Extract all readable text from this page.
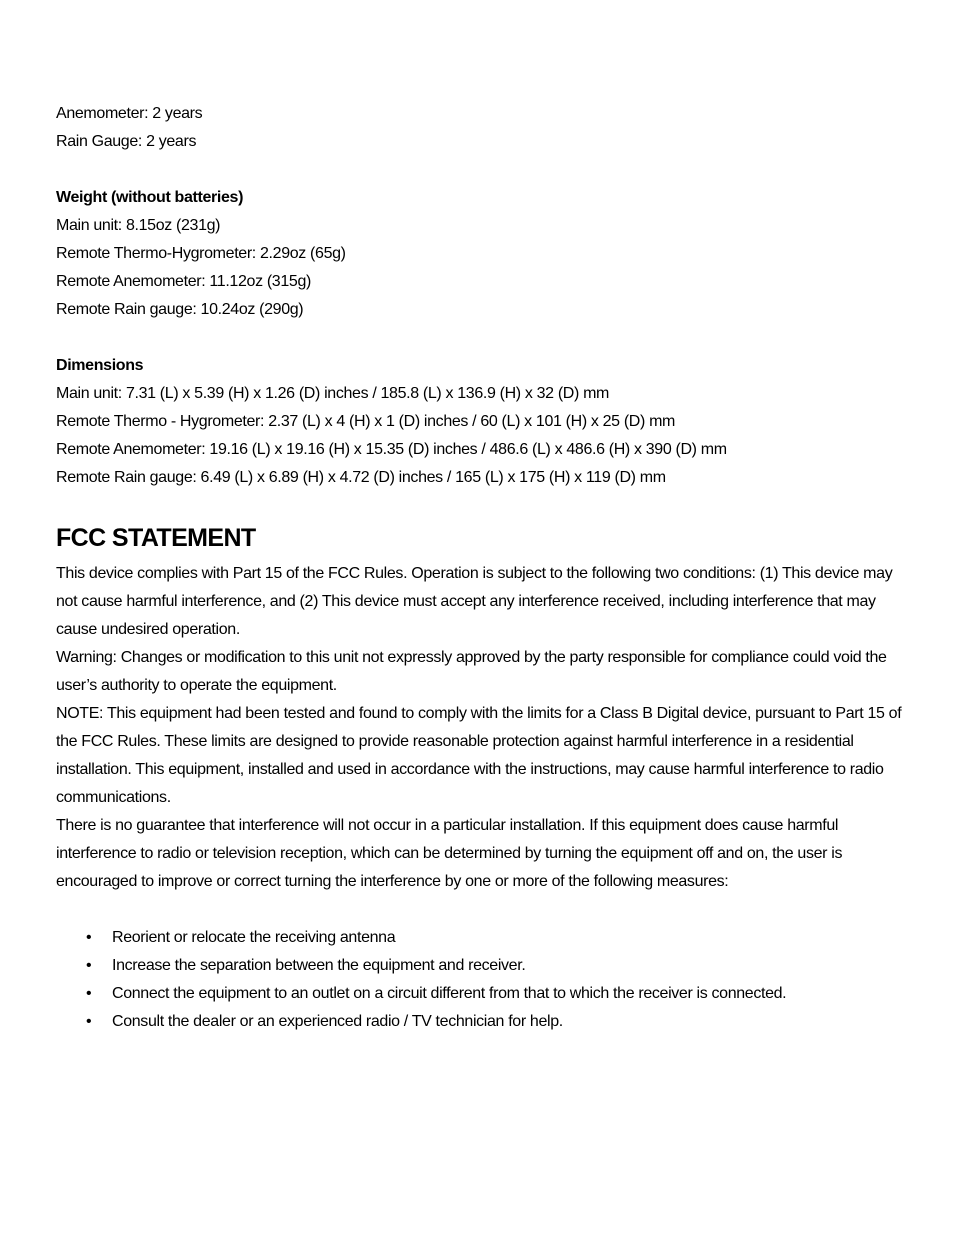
Anemometer: 2 years
Rain Gauge: 2 years
Weight (without batteries)
Main unit: 8.15oz (231g)
Remote Thermo-Hygrometer: 2.29oz (65g)
Remote Anemometer: 11.12oz (315g)
Remote Rain gauge: 10.24oz (290g)
Dimensions
Main unit: 7.31 (L) x 5.39 (H) x 1.26 (D) inches / 185.8 (L) x 136.9 (H) x 32 (D) mm
Remote Thermo - Hygrometer: 2.37 (L) x 4 (H) x 1 (D) inches / 60 (L) x 101 (H) x 25 (D) mm
Remote Anemometer: 19.16 (L) x 19.16 (H) x 15.35 (D) inches / 486.6 (L) x 486.6 (H) x 390 (D) mm
Remote Rain gauge: 6.49 (L) x 6.89 (H) x 4.72 (D) inches / 165 (L) x 175 (H) x 119 (D) mm
FCC STATEMENT
This device complies with Part 15 of the FCC Rules. Operation is subject to the following two conditions: (1) This device may not cause harmful interference, and (2) This device must accept any interference received, including interference that may cause undesired operation.
Warning: Changes or modification to this unit not expressly approved by the party responsible for compliance could void the user’s authority to operate the equipment.
NOTE: This equipment had been tested and found to comply with the limits for a Class B Digital device, pursuant to Part 15 of the FCC Rules. These limits are designed to provide reasonable protection against harmful interference in a residential installation. This equipment, installed and used in accordance with the instructions, may cause harmful interference to radio communications.
There is no guarantee that interference will not occur in a particular installation. If this equipment does cause harmful interference to radio or television reception, which can be determined by turning the equipment off and on, the user is encouraged to improve or correct turning the interference by one or more of the following measures:
• Reorient or relocate the receiving antenna
• Increase the separation between the equipment and receiver.
• Connect the equipment to an outlet on a circuit different from that to which the receiver is connected.
• Consult the dealer or an experienced radio / TV technician for help.
